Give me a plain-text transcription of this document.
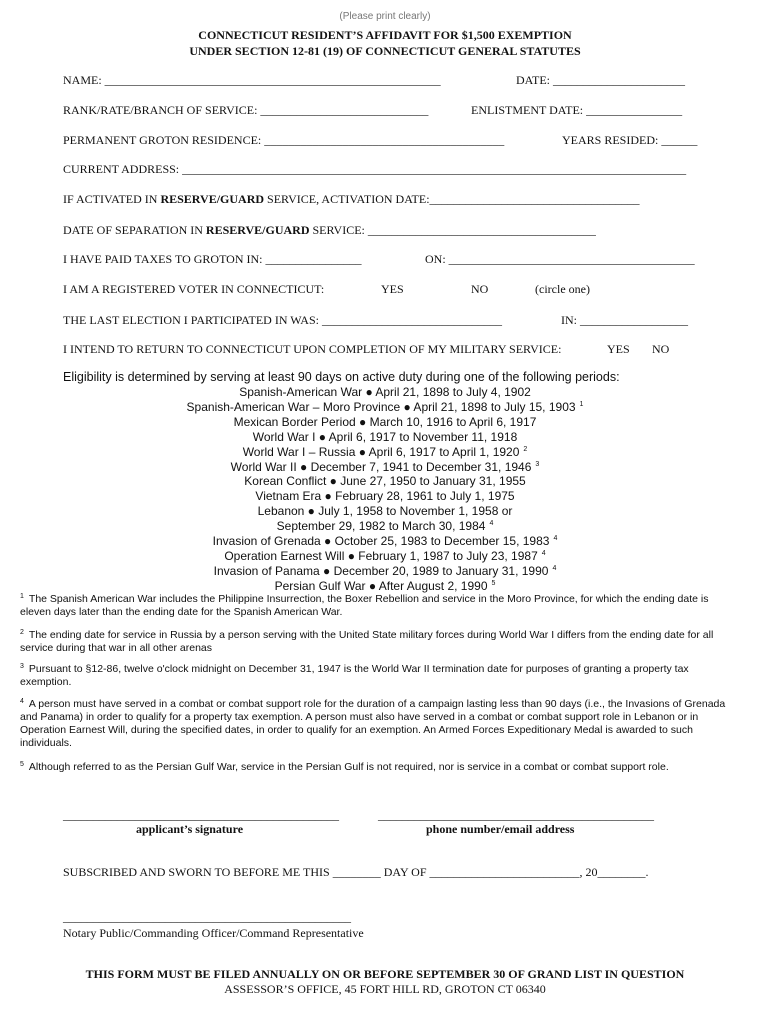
(Please print clearly)
CONNECTICUT RESIDENT’S AFFIDAVIT FOR $1,500 EXEMPTION
UNDER SECTION 12-81 (19) OF CONNECTICUT GENERAL STATUTES
NAME: ________________________________________________________	DATE: ______________________
RANK/RATE/BRANCH OF SERVICE: ____________________________	ENLISTMENT DATE: ________________
PERMANENT GROTON RESIDENCE: ________________________________________	YEARS RESIDED: ______
CURRENT ADDRESS: ____________________________________________________________________________________
IF ACTIVATED IN RESERVE/GUARD SERVICE, ACTIVATION DATE:___________________________________
DATE OF SEPARATION IN RESERVE/GUARD SERVICE: ______________________________________
I HAVE PAID TAXES TO GROTON IN: ________________	ON: _________________________________________
I AM A REGISTERED VOTER IN CONNECTICUT:	YES	NO	(circle one)
THE LAST ELECTION I PARTICIPATED IN WAS: ______________________________	IN: __________________
I INTEND TO RETURN TO CONNECTICUT UPON COMPLETION OF MY MILITARY SERVICE:	YES NO
Eligibility is determined by serving at least 90 days on active duty during one of the following periods:
Spanish-American War ● April 21, 1898 to July 4, 1902
Spanish-American War – Moro Province ● April 21, 1898 to July 15, 1903 $^1$
Mexican Border Period ● March 10, 1916 to April 6, 1917
World War I ● April 6, 1917 to November 11, 1918
World War I – Russia ● April 6, 1917 to April 1, 1920 $^2$
World War II ● December 7, 1941 to December 31, 1946 $^3$
Korean Conflict ● June 27, 1950 to January 31, 1955
Vietnam Era ● February 28, 1961 to July 1, 1975
Lebanon ● July 1, 1958 to November 1, 1958 or
September 29, 1982 to March 30, 1984 $^4$
Invasion of Grenada ● October 25, 1983 to December 15, 1983 $^4$
Operation Earnest Will ● February 1, 1987 to July 23, 1987 $^4$
Invasion of Panama ● December 20, 1989 to January 31, 1990 $^4$
Persian Gulf War ● After August 2, 1990 $^5$
$^1$ The Spanish American War includes the Philippine Insurrection, the Boxer Rebellion and service in the Moro Province, for which the ending date is eleven days later than the ending date for the Spanish American War.
$^2$ The ending date for service in Russia by a person serving with the United State military forces during World War I differs from the ending date for all service during that war in all other arenas
$^3$ Pursuant to §12-86, twelve o'clock midnight on December 31, 1947 is the World War II termination date for purposes of granting a property tax exemption.
$^4$ A person must have served in a combat or combat support role for the duration of a campaign lasting less than 90 days (i.e., the Invasions of Grenada and Panama) in order to qualify for a property tax exemption. A person must also have served in a combat or combat support role in Lebanon or in Operation Earnest Will, during the specified dates, in order to qualify for an exemption. An Armed Forces Expeditionary Medal is awarded to such individuals.
$^5$ Although referred to as the Persian Gulf War, service in the Persian Gulf is not required, nor is service in a combat or combat support role.
______________________________________________	______________________________________________
applicant’s signature	phone number/email address
SUBSCRIBED AND SWORN TO BEFORE ME THIS ________ DAY OF _________________________, 20________.
________________________________________________
Notary Public/Commanding Officer/Command Representative
THIS FORM MUST BE FILED ANNUALLY ON OR BEFORE SEPTEMBER 30 OF GRAND LIST IN QUESTION
ASSESSOR’S OFFICE, 45 FORT HILL RD, GROTON CT 06340
